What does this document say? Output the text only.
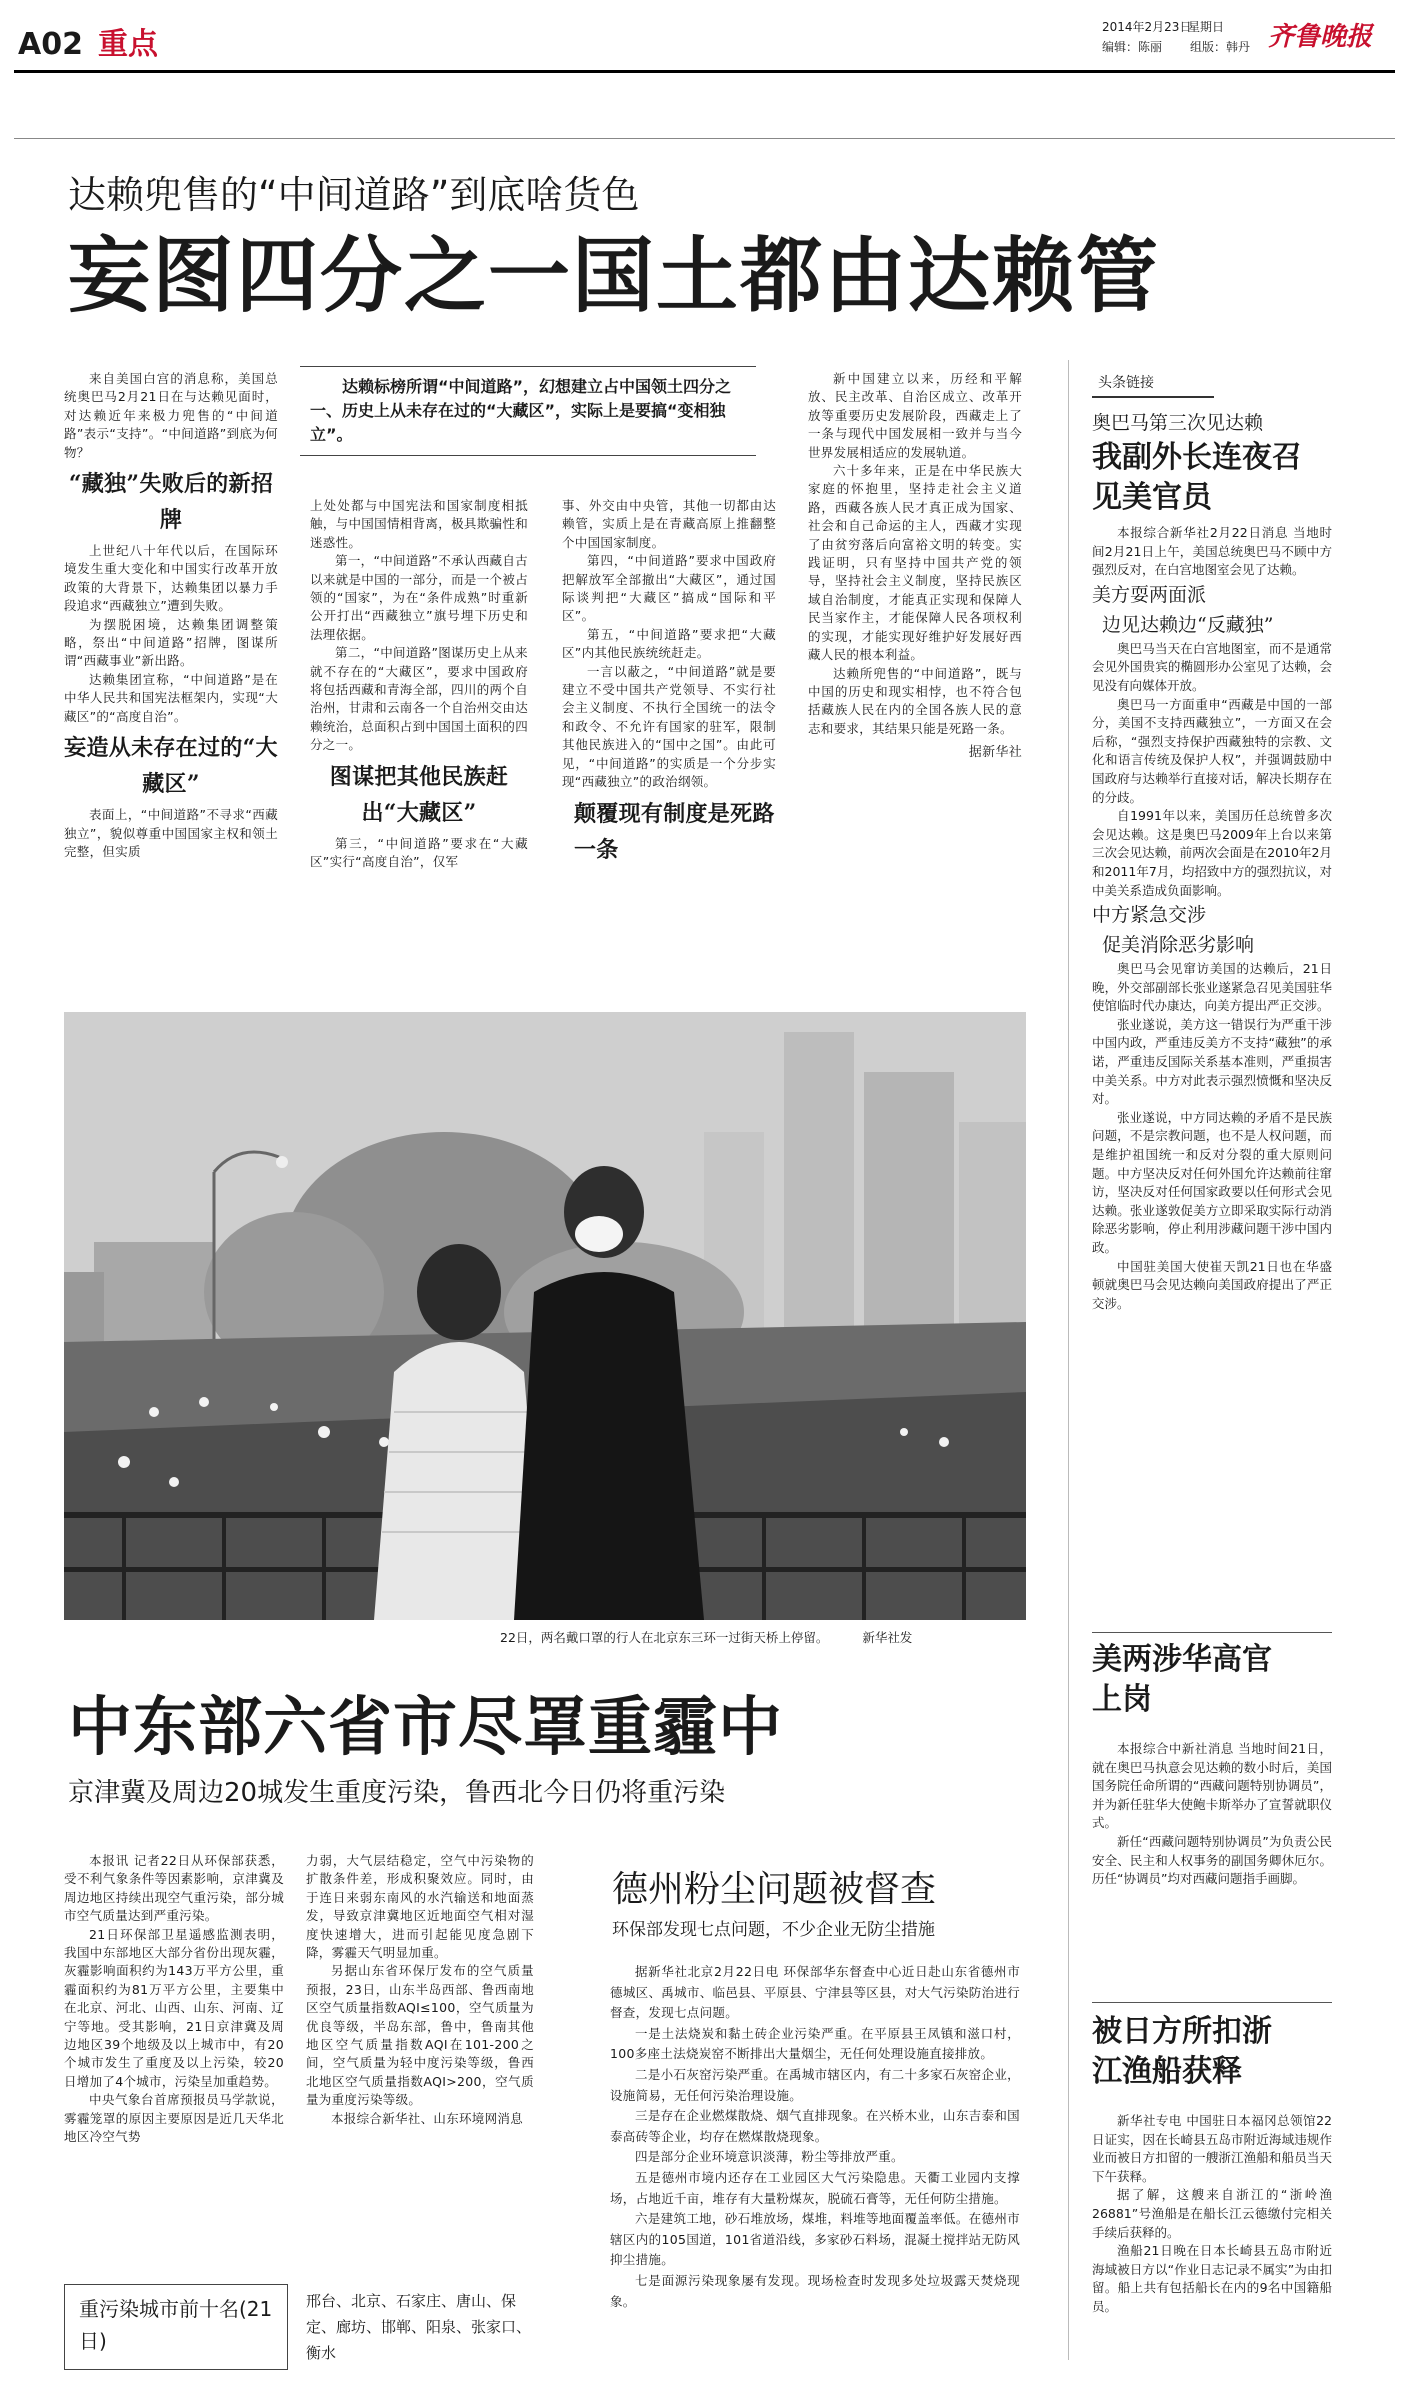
A02 重点	2014年2月23日
星期日
编辑：陈丽 组版：韩丹 齐鲁晚报
达赖兜售的“中间道路”到底啥货色
妄图四分之一国土都由达赖管

来自美国白宫的消息称，美国总统奥巴马2月21日在与达赖见面时，对达赖近年来极力兜售的“中间道路”表示“支持”。“中间道路”到底为何物？

“藏独”失败后的新招牌

上世纪八十年代以后，在国际环境发生重大变化和中国实行改革开放政策的大背景下，达赖集团以暴力手段追求“西藏独立”遭到失败。

为摆脱困境，达赖集团调整策略，祭出“中间道路”招牌，图谋所谓“西藏事业”新出路。

达赖集团宣称，“中间道路”是在中华人民共和国宪法框架内，实现“大藏区”的“高度自治”。

妄造从未存在过的“大藏区”

表面上，“中间道路”不寻求“西藏独立”，貌似尊重中国国家主权和领土完整，但实质

达赖标榜所谓“中间道路”，幻想建立占中国领土四分之一、历史上从未存在过的“大藏区”，实际上是要搞“变相独立”。

上处处都与中国宪法和国家制度相抵触，与中国国情相背离，极具欺骗性和迷惑性。

第一，“中间道路”不承认西藏自古以来就是中国的一部分，而是一个被占领的“国家”，为在“条件成熟”时重新公开打出“西藏独立”旗号埋下历史和法理依据。

第二，“中间道路”图谋历史上从来就不存在的“大藏区”，要求中国政府将包括西藏和青海全部，四川的两个自治州，甘肃和云南各一个自治州交由达赖统治，总面积占到中国国土面积的四分之一。

图谋把其他民族赶出“大藏区”

第三，“中间道路”要求在“大藏区”实行“高度自治”，仅军

事、外交由中央管，其他一切都由达赖管，实质上是在青藏高原上推翻整个中国国家制度。

第四，“中间道路”要求中国政府把解放军全部撤出“大藏区”，通过国际谈判把“大藏区”搞成“国际和平区”。

第五，“中间道路”要求把“大藏区”内其他民族统统赶走。

一言以蔽之，“中间道路”就是要建立不受中国共产党领导、不实行社会主义制度、不执行全国统一的法令和政令、不允许有国家的驻军，限制其他民族进入的“国中之国”。由此可见，“中间道路”的实质是一个分步实现“西藏独立”的政治纲领。

颠覆现有制度是死路一条

新中国建立以来，历经和平解放、民主改革、自治区成立、改革开放等重要历史发展阶段，西藏走上了一条与现代中国发展相一致并与当今世界发展相适应的发展轨道。

六十多年来，正是在中华民族大家庭的怀抱里，坚持走社会主义道路，西藏各族人民才真正成为国家、社会和自己命运的主人，西藏才实现了由贫穷落后向富裕文明的转变。实践证明，只有坚持中国共产党的领导，坚持社会主义制度，坚持民族区域自治制度，才能真正实现和保障人民当家作主，才能保障人民各项权利的实现，才能实现好维护好发展好西藏人民的根本利益。

达赖所兜售的“中间道路”，既与中国的历史和现实相悖，也不符合包括藏族人民在内的全国各族人民的意志和要求，其结果只能是死路一条。

据新华社
22日，两名戴口罩的行人在北京东三环一过街天桥上停留。	新华社发
中东部六省市尽罩重霾中
京津冀及周边20城发生重度污染，鲁西北今日仍将重污染

本报讯 记者22日从环保部获悉，受不利气象条件等因素影响，京津冀及周边地区持续出现空气重污染，部分城市空气质量达到严重污染。

21日环保部卫星遥感监测表明，我国中东部地区大部分省份出现灰霾，灰霾影响面积约为143万平方公里，重霾面积约为81万平方公里，主要集中在北京、河北、山西、山东、河南、辽宁等地。受其影响，21日京津冀及周边地区39个地级及以上城市中，有20个城市发生了重度及以上污染，较20日增加了4个城市，污染呈加重趋势。

中央气象台首席预报员马学款说，雾霾笼罩的原因主要原因是近几天华北地区冷空气势

力弱，大气层结稳定，空气中污染物的扩散条件差，形成积聚效应。同时，由于连日来弱东南风的水汽输送和地面蒸发，导致京津冀地区近地面空气相对湿度快速增大，进而引起能见度急剧下降，雾霾天气明显加重。

另据山东省环保厅发布的空气质量预报，23日，山东半岛西部、鲁西南地区空气质量指数AQI≤100，空气质量为优良等级，半岛东部，鲁中，鲁南其他地区空气质量指数AQI在101-200之间，空气质量为轻中度污染等级，鲁西北地区空气质量指数AQI>200，空气质量为重度污染等级。

本报综合新华社、山东环境网消息

重污染城市前十名(21日)
邢台、北京、石家庄、唐山、保定、廊坊、邯郸、阳泉、张家口、衡水
德州粉尘问题被督查
环保部发现七点问题，不少企业无防尘措施

据新华社北京2月22日电 环保部华东督查中心近日赴山东省德州市德城区、禹城市、临邑县、平原县、宁津县等区县，对大气污染防治进行督查，发现七点问题。

一是土法烧炭和黏土砖企业污染严重。在平原县王凤镇和滋口村，100多座土法烧炭窑不断排出大量烟尘，无任何处理设施直接排放。

二是小石灰窑污染严重。在禹城市辖区内，有二十多家石灰窑企业，设施简易，无任何污染治理设施。

三是存在企业燃煤散烧、烟气直排现象。在兴桥木业，山东吉泰和国泰高砖等企业，均存在燃煤散烧现象。

四是部分企业环境意识淡薄，粉尘等排放严重。

五是德州市境内还存在工业园区大气污染隐患。天衢工业园内支撑场，占地近千亩，堆存有大量粉煤灰，脱硫石膏等，无任何防尘措施。

六是建筑工地，砂石堆放场，煤堆，料堆等地面覆盖率低。在德州市辖区内的105国道，101省道沿线，多家砂石料场，混凝土搅拌站无防风抑尘措施。

七是面源污染现象屡有发现。现场检查时发现多处垃圾露天焚烧现象。

头条链接
奥巴马第三次见达赖
我副外长连夜召见美官员

本报综合新华社2月22日消息 当地时间2月21日上午，美国总统奥巴马不顾中方强烈反对，在白宫地图室会见了达赖。

美方耍两面派
边见达赖边“反藏独”

奥巴马当天在白宫地图室，而不是通常会见外国贵宾的椭圆形办公室见了达赖，会见没有向媒体开放。

奥巴马一方面重申“西藏是中国的一部分，美国不支持西藏独立”，一方面又在会后称，“强烈支持保护西藏独特的宗教、文化和语言传统及保护人权”，并强调鼓励中国政府与达赖举行直接对话，解决长期存在的分歧。

自1991年以来，美国历任总统曾多次会见达赖。这是奥巴马2009年上台以来第三次会见达赖，前两次会面是在2010年2月和2011年7月，均招致中方的强烈抗议，对中美关系造成负面影响。

中方紧急交涉
促美消除恶劣影响

奥巴马会见窜访美国的达赖后，21日晚，外交部副部长张业遂紧急召见美国驻华使馆临时代办康达，向美方提出严正交涉。

张业遂说，美方这一错误行为严重干涉中国内政，严重违反美方不支持“藏独”的承诺，严重违反国际关系基本准则，严重损害中美关系。中方对此表示强烈愤慨和坚决反对。

张业遂说，中方同达赖的矛盾不是民族问题，不是宗教问题，也不是人权问题，而是维护祖国统一和反对分裂的重大原则问题。中方坚决反对任何外国允许达赖前往窜访，坚决反对任何国家政要以任何形式会见达赖。张业遂敦促美方立即采取实际行动消除恶劣影响，停止利用涉藏问题干涉中国内政。

中国驻美国大使崔天凯21日也在华盛顿就奥巴马会见达赖向美国政府提出了严正交涉。

美两涉华高官上岗

本报综合中新社消息 当地时间21日，就在奥巴马执意会见达赖的数小时后，美国国务院任命所谓的“西藏问题特别协调员”，并为新任驻华大使鲍卡斯举办了宣誓就职仪式。

新任“西藏问题特别协调员”为负责公民安全、民主和人权事务的副国务卿休厄尔。历任“协调员”均对西藏问题指手画脚。

被日方所扣浙江渔船获释

新华社专电 中国驻日本福冈总领馆22日证实，因在长崎县五岛市附近海域违规作业而被日方扣留的一艘浙江渔船和船员当天下午获释。

据了解，这艘来自浙江的“浙岭渔26881”号渔船是在船长江云德缴付完相关手续后获释的。

渔船21日晚在日本长崎县五岛市附近海域被日方以“作业日志记录不属实”为由扣留。船上共有包括船长在内的9名中国籍船员。
